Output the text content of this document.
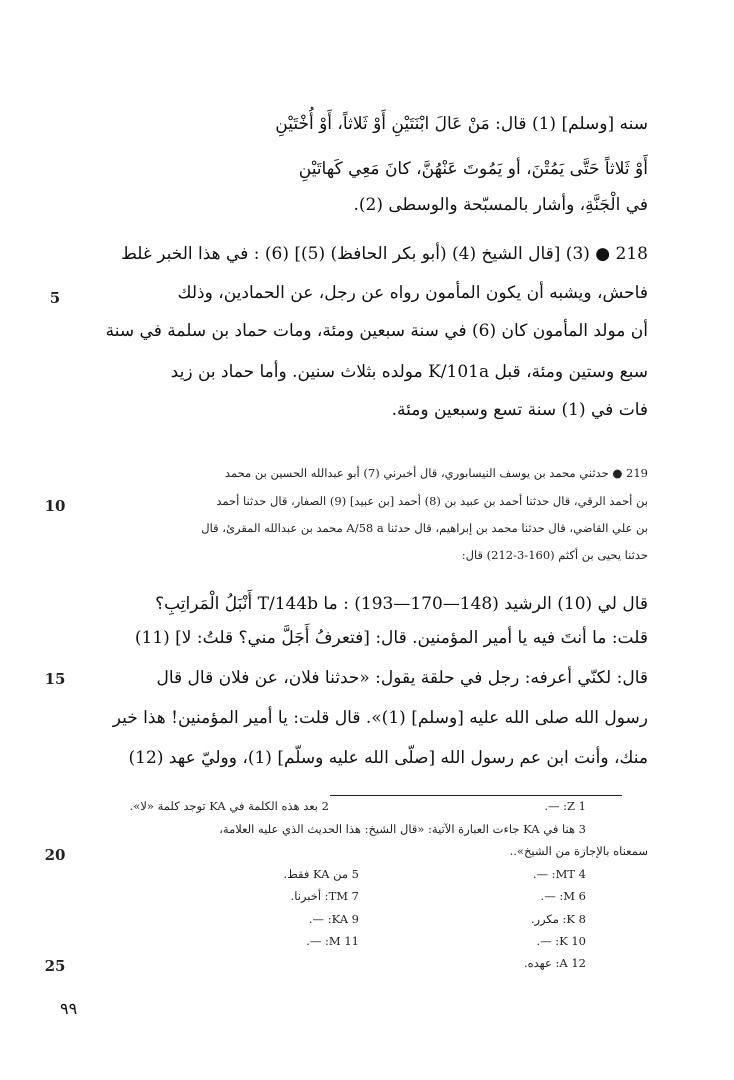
سنه [وسلم] (1) قال: مَنْ عَالَ ابْنَتَيْنِ أَوْ ثَلاثاً، أَوْ أُخْتَيْنِ
أَوْ ثَلاثاً حَتَّى يَمُتْنَ، أو يَمُوتَ عَنْهُنَّ، كانَ مَعِي كَهاتَيْنِ
في الْجَنَّةِ، وأشار بالمسبّحة والوسطى (2).
218 ● (3) [قال الشيخ (4) (أبو بكر الحافظ) (5)] (6) : في هذا الخبر غلط
فاحش، ويشبه أن يكون المأمون رواه عن رجل، عن الحمادين، وذلك
أن مولد المأمون كان (6) في سنة سبعين ومئة، ومات حماد بن سلمة في سنة
سبع وستين ومئة، قبل K/101a مولده بثلاث سنين. وأما حماد بن زيد
فات في (1) سنة تسع وسبعين ومئة.
219 ● حدثني محمد بن يوسف النيسابوري، قال أخبرني (7) أبو عبدالله الحسين بن محمد
بن أحمد الرقي، قال حدثنا أحمد بن عبيد بن (8) أحمد [بن عبيد] (9) الصفار، قال حدثنا أحمد
بن علي القاضي، قال حدثنا محمد بن إبراهيم، قال حدثنا A/58 a محمد بن عبدالله المقرئ، قال
حدثنا يحيى بن أكثم (160-3-212) قال:
قال لي (10) الرشيد (148—170—193) : ما T/144b أَنْبَلُ الْمَراتِبِ؟
قلت: ما أنتَ فيه يا أمير المؤمنين. قال: [فتعرفُ أَجَلَّ مني؟ قلتُ: لا] (11)
قال: لكنّي أعرفه: رجل في حلقة يقول: «حدثنا فلان، عن فلان قال قال
رسول الله صلى الله عليه [وسلم] (1)». قال قلت: يا أمير المؤمنين! هذا خير
منك، وأنت ابن عم رسول الله [صلّى الله عليه وسلّم] (1)، ووليّ عهد (12)
5
10
15
20
25
1 Z: —.
2 بعد هذه الكلمة في KA توجد كلمة «لا».
3 هنا في KA جاءت العبارة الآتية: «قال الشيخ: هذا الحديث الذي عليه العلامة،
سمعناه بالإجازة من الشيخ»..
4 MT: —.
5 من KA فقط.
6 M: —.
7 TM: أخبرنا.
8 K: مكرر.
9 KA: —.
10 K: —.
11 M: —.
12 A: عهده.
٩٩
